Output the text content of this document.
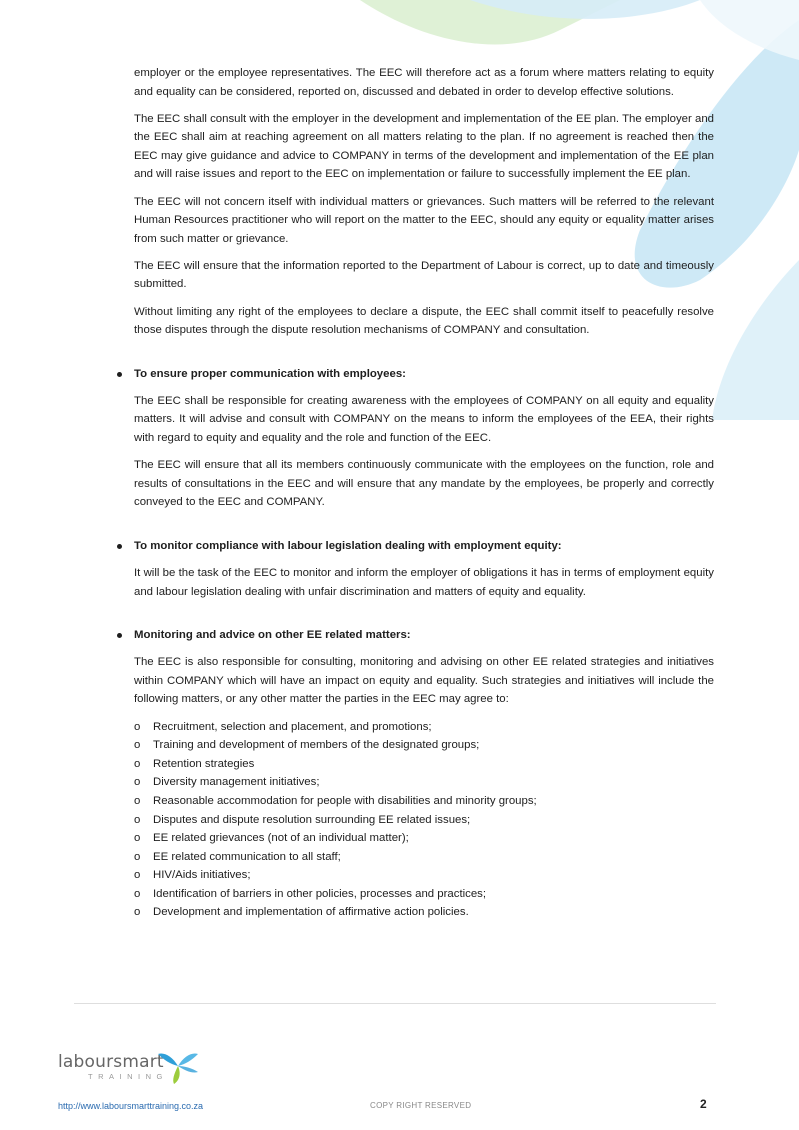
employer or the employee representatives. The EEC will therefore act as a forum where matters relating to equity and equality can be considered, reported on, discussed and debated in order to develop effective solutions.

The EEC shall consult with the employer in the development and implementation of the EE plan. The employer and the EEC shall aim at reaching agreement on all matters relating to the plan. If no agreement is reached then the EEC may give guidance and advice to COMPANY in terms of the development and implementation of the EE plan and will raise issues and report to the EEC on implementation or failure to successfully implement the EE plan.

The EEC will not concern itself with individual matters or grievances. Such matters will be referred to the relevant Human Resources practitioner who will report on the matter to the EEC, should any equity or equality matter arises from such matter or grievance.

The EEC will ensure that the information reported to the Department of Labour is correct, up to date and timeously submitted.

Without limiting any right of the employees to declare a dispute, the EEC shall commit itself to peacefully resolve those disputes through the dispute resolution mechanisms of COMPANY and consultation.

To ensure proper communication with employees:

The EEC shall be responsible for creating awareness with the employees of COMPANY on all equity and equality matters. It will advise and consult with COMPANY on the means to inform the employees of the EEA, their rights with regard to equity and equality and the role and function of the EEC.

The EEC will ensure that all its members continuously communicate with the employees on the function, role and results of consultations in the EEC and will ensure that any mandate by the employees, be properly and correctly conveyed to the EEC and COMPANY.

To monitor compliance with labour legislation dealing with employment equity:

It will be the task of the EEC to monitor and inform the employer of obligations it has in terms of employment equity and labour legislation dealing with unfair discrimination and matters of equity and equality.

Monitoring and advice on other EE related matters:

The EEC is also responsible for consulting, monitoring and advising on other EE related strategies and initiatives within COMPANY which will have an impact on equity and equality. Such strategies and initiatives will include the following matters, or any other matter the parties in the EEC may agree to:

o Recruitment, selection and placement, and promotions;
o Training and development of members of the designated groups;
o Retention strategies
o Diversity management initiatives;
o Reasonable accommodation for people with disabilities and minority groups;
o Disputes and dispute resolution surrounding EE related issues;
o EE related grievances (not of an individual matter);
o EE related communication to all staff;
o HIV/Aids initiatives;
o Identification of barriers in other policies, processes and practices;
o Development and implementation of affirmative action policies.
laboursmart
TRAINING
http://www.laboursmarttraining.co.za	COPY RIGHT RESERVED	2
